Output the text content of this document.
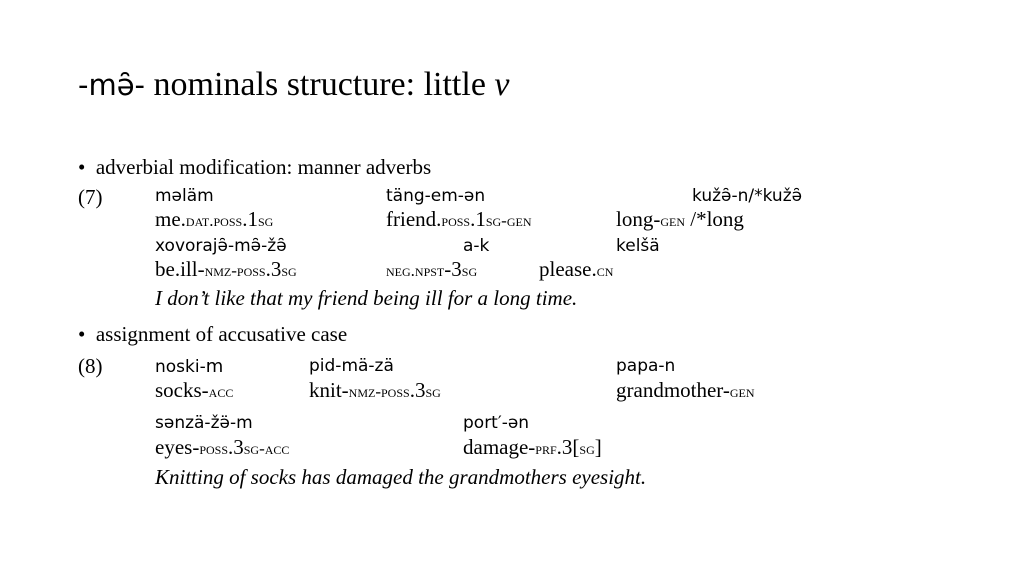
-mə̑- nominals structure: little v
• adverbial modification: manner adverbs
(7)	məläm	täng-em-ən	kužə̑-n/*kužə̑
me.dat.poss.1sg	friend.poss.1sg-gen	long-gen /*long
xovorajə̑-mə̑-žə̑	a-k	kelšä
be.ill-nmz-poss.3sg	neg.npst-3sg	please.cn
I don’t like that my friend being ill for a long time.
• assignment of accusative case
(8)	noski-m	pid-mä-zä	papa-n
socks-acc	knit-nmz-poss.3sg	grandmother-gen
sənzä-žə̈-m	port′-ən
eyes-poss.3sg-acc	damage-prf.3[sg]
Knitting of socks has damaged the grandmothers eyesight.
